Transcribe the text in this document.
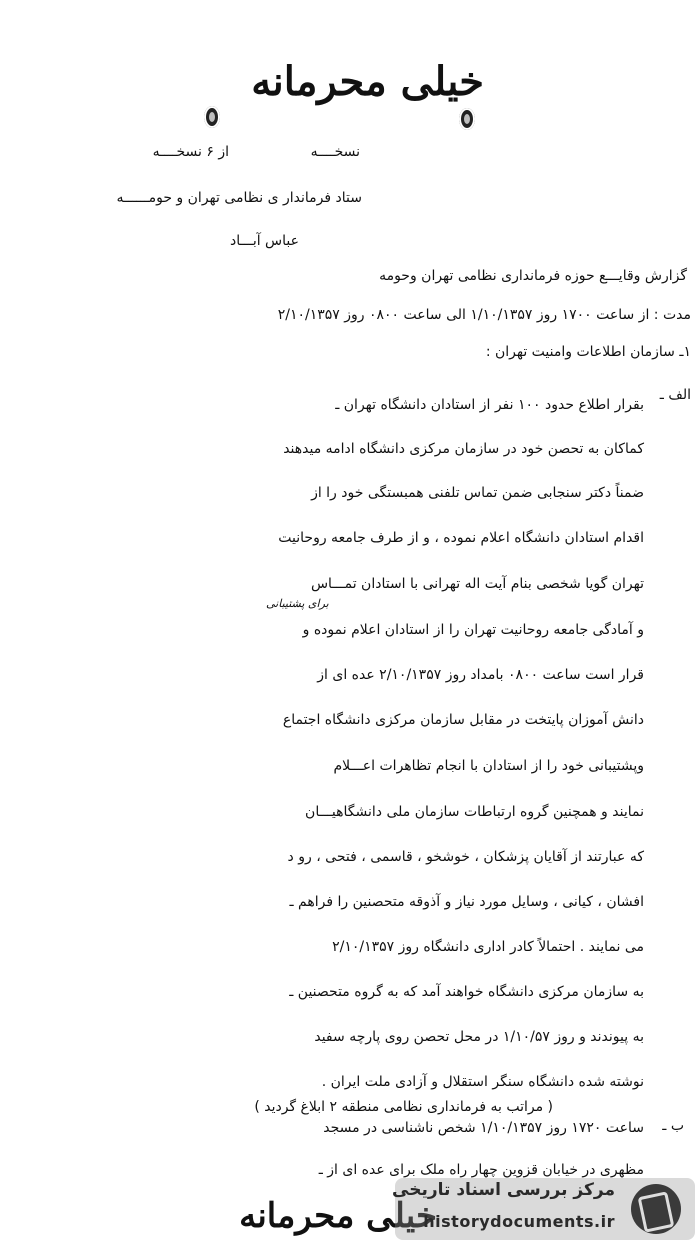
خیلی محرمانه
نسخــــه
از ۶ نسخــــه
ستاد فرماندار ی نظامی تهران و حومــــــه
عباس آبـــاد
گزارش وقایـــع حوزه فرمانداری نظامی تهران وحومه
مدت : از ساعت ۱۷۰۰ روز ۱/۱۰/۱۳۵۷ الی ساعت ۰۸۰۰ روز ۲/۱۰/۱۳۵۷
۱ـ سازمان اطلاعات وامنیت تهران :
الف ـ
ب ـ
برای پشتیبانی
بقرار اطلاع حدود ۱۰۰ نفر از استادان دانشگاه تهران ـ
کماکان به تحصن خود در سازمان مرکزی دانشگاه ادامه میدهند
ضمناً دکتر سنجابی ضمن تماس تلفنی همبستگی خود را از
اقدام استادان دانشگاه اعلام نموده ، و از طرف جامعه روحانیت
تهران گویا شخصی بنام آیت اله تهرانی با استادان تمـــاس
و آمادگی جامعه روحانیت تهران را از استادان اعلام نموده و
قرار است ساعت ۰۸۰۰ بامداد روز ۲/۱۰/۱۳۵۷ عده ای از
دانش آموزان پایتخت در مقابل سازمان مرکزی دانشگاه اجتماع
وپشتیبانی خود را از استادان با انجام تظاهرات اعـــلام
نمایند و همچنین گروه ارتباطات سازمان ملی دانشگاهیـــان
که عبارتند از آقایان پزشکان ، خوشخو ، قاسمی ، فتحی ، رو د
افشان ، کیانی ، وسایل مورد نیاز و آذوقه متحصنین را فراهم ـ
می نمایند . احتمالاً کادر اداری دانشگاه روز ۲/۱۰/۱۳۵۷
به سازمان مرکزی دانشگاه خواهند آمد که به گروه متحصنین ـ
به پیوندند و روز ۱/۱۰/۵۷ در محل تحصن روی پارچه سفید
نوشته شده دانشگاه سنگر استقلال و آزادی ملت ایران .
( مراتب به فرمانداری نظامی منطقه ۲ ابلاغ گردید )
ساعت ۱۷۲۰ روز ۱/۱۰/۱۳۵۷ شخص ناشناسی در مسجد
مظهری در خیابان قزوین چهار راه ملک برای عده ای از ـ
خیلی محرمانه
مرکز بررسی اسناد تاریخی
historydocuments.ir
